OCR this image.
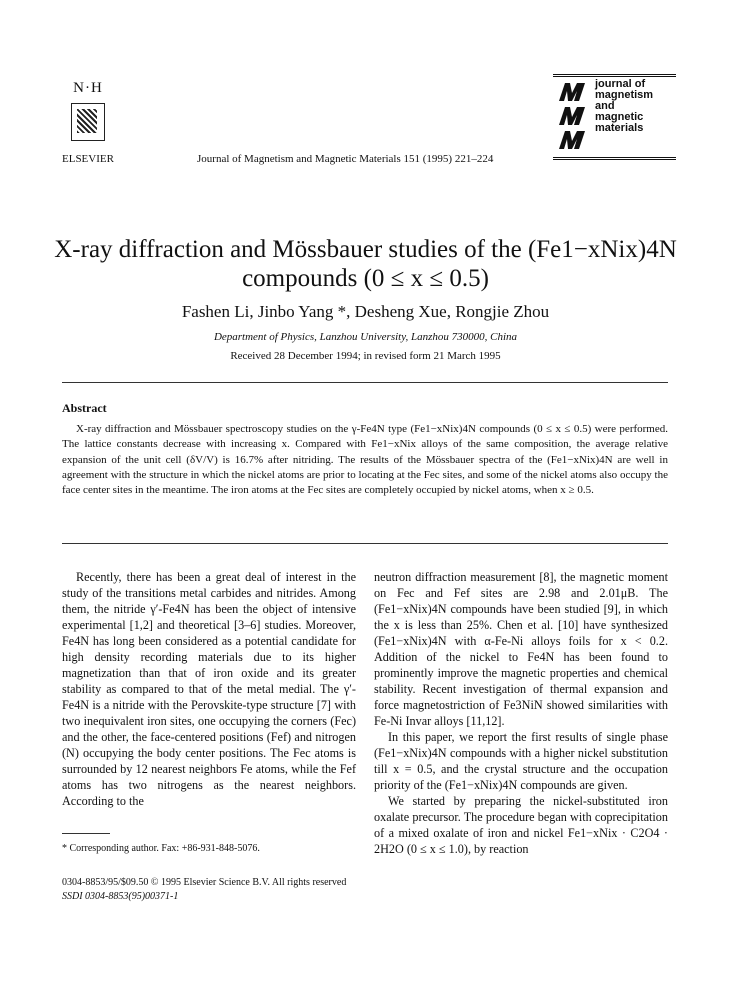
N·H
ELSEVIER	Journal of Magnetism and Magnetic Materials 151 (1995) 221–224
journal of
magnetism
and
magnetic
materials
X-ray diffraction and Mössbauer studies of the (Fe1−xNix)4N
compounds (0 ≤ x ≤ 0.5)
Fashen Li, Jinbo Yang *, Desheng Xue, Rongjie Zhou
Department of Physics, Lanzhou University, Lanzhou 730000, China
Received 28 December 1994; in revised form 21 March 1995
Abstract
X-ray diffraction and Mössbauer spectroscopy studies on the γ-Fe4N type (Fe1−xNix)4N compounds (0 ≤ x ≤ 0.5) were performed. The lattice constants decrease with increasing x. Compared with Fe1−xNix alloys of the same composition, the average relative expansion of the unit cell (δV/V) is 16.7% after nitriding. The results of the Mössbauer spectra of the (Fe1−xNix)4N are well in agreement with the structure in which the nickel atoms are prior to locating at the Fec sites, and some of the nickel atoms also occupy the face center sites in the meantime. The iron atoms at the Fec sites are completely occupied by nickel atoms, when x ≥ 0.5.

Recently, there has been a great deal of interest in the study of the transitions metal carbides and nitrides. Among them, the nitride γ′-Fe4N has been the object of intensive experimental [1,2] and theoretical [3–6] studies. Moreover, Fe4N has long been considered as a potential candidate for high density recording materials due to its higher magnetization than that of iron oxide and its greater stability as compared to that of the metal medial. The γ′-Fe4N is a nitride with the Perovskite-type structure [7] with two inequivalent iron sites, one occupying the corners (Fec) and the other, the face-centered positions (Fef) and nitrogen (N) occupying the body center positions. The Fec atoms is surrounded by 12 nearest neighbors Fe atoms, while the Fef atoms has two nitrogens as the nearest neighbors. According to the

neutron diffraction measurement [8], the magnetic moment on Fec and Fef sites are 2.98 and 2.01μB. The (Fe1−xNix)4N compounds have been studied [9], in which the x is less than 25%. Chen et al. [10] have synthesized (Fe1−xNix)4N with α-Fe-Ni alloys foils for x < 0.2. Addition of the nickel to Fe4N has been found to prominently improve the magnetic properties and chemical stability. Recent investigation of thermal expansion and force magnetostriction of Fe3NiN showed similarities with Fe-Ni Invar alloys [11,12].

In this paper, we report the first results of single phase (Fe1−xNix)4N compounds with a higher nickel substitution till x = 0.5, and the crystal structure and the occupation priority of the (Fe1−xNix)4N compounds are given.

We started by preparing the nickel-substituted iron oxalate precursor. The procedure began with coprecipitation of a mixed oxalate of iron and nickel Fe1−xNix · C2O4 · 2H2O (0 ≤ x ≤ 1.0), by reaction

* Corresponding author. Fax: +86-931-848-5076.
0304-8853/95/$09.50 © 1995 Elsevier Science B.V. All rights reserved
SSDI 0304-8853(95)00371-1
